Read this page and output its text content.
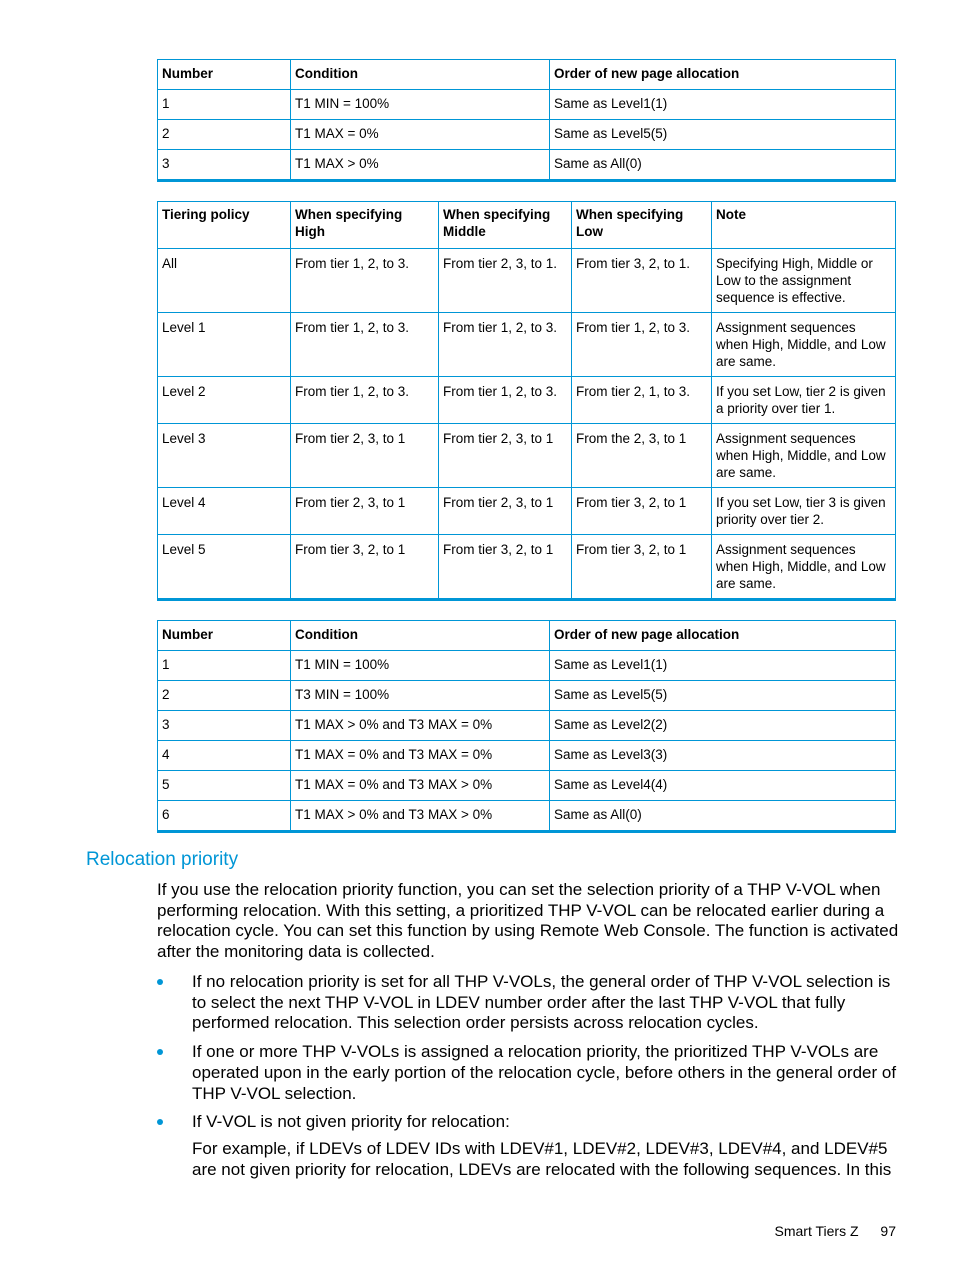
Number	Condition	Order of new page allocation
1	T1 MIN = 100%	Same as Level1(1)
2	T1 MAX = 0%	Same as Level5(5)
3	T1 MAX > 0%	Same as All(0)
Tiering policy	When specifying High	When specifying Middle	When specifying Low	Note
All	From tier 1, 2, to 3.	From tier 2, 3, to 1.	From tier 3, 2, to 1.	Specifying High, Middle or Low to the assignment sequence is effective.
Level 1	From tier 1, 2, to 3.	From tier 1, 2, to 3.	From tier 1, 2, to 3.	Assignment sequences when High, Middle, and Low are same.
Level 2	From tier 1, 2, to 3.	From tier 1, 2, to 3.	From tier 2, 1, to 3.	If you set Low, tier 2 is given a priority over tier 1.
Level 3	From tier 2, 3, to 1	From tier 2, 3, to 1	From the 2, 3, to 1	Assignment sequences when High, Middle, and Low are same.
Level 4	From tier 2, 3, to 1	From tier 2, 3, to 1	From tier 3, 2, to 1	If you set Low, tier 3 is given priority over tier 2.
Level 5	From tier 3, 2, to 1	From tier 3, 2, to 1	From tier 3, 2, to 1	Assignment sequences when High, Middle, and Low are same.
Number	Condition	Order of new page allocation
1	T1 MIN = 100%	Same as Level1(1)
2	T3 MIN = 100%	Same as Level5(5)
3	T1 MAX > 0% and T3 MAX = 0%	Same as Level2(2)
4	T1 MAX = 0% and T3 MAX = 0%	Same as Level3(3)
5	T1 MAX = 0% and T3 MAX > 0%	Same as Level4(4)
6	T1 MAX > 0% and T3 MAX > 0%	Same as All(0)
Relocation priority
If you use the relocation priority function, you can set the selection priority of a THP V-VOL when performing relocation. With this setting, a prioritized THP V-VOL can be relocated earlier during a relocation cycle. You can set this function by using Remote Web Console. The function is activated after the monitoring data is collected.
If no relocation priority is set for all THP V-VOLs, the general order of THP V-VOL selection is to select the next THP V-VOL in LDEV number order after the last THP V-VOL that fully performed relocation. This selection order persists across relocation cycles.
If one or more THP V-VOLs is assigned a relocation priority, the prioritized THP V-VOLs are operated upon in the early portion of the relocation cycle, before others in the general order of THP V-VOL selection.
If V-VOL is not given priority for relocation:

For example, if LDEVs of LDEV IDs with LDEV#1, LDEV#2, LDEV#3, LDEV#4, and LDEV#5 are not given priority for relocation, LDEVs are relocated with the following sequences. In this

Smart Tiers Z 97
